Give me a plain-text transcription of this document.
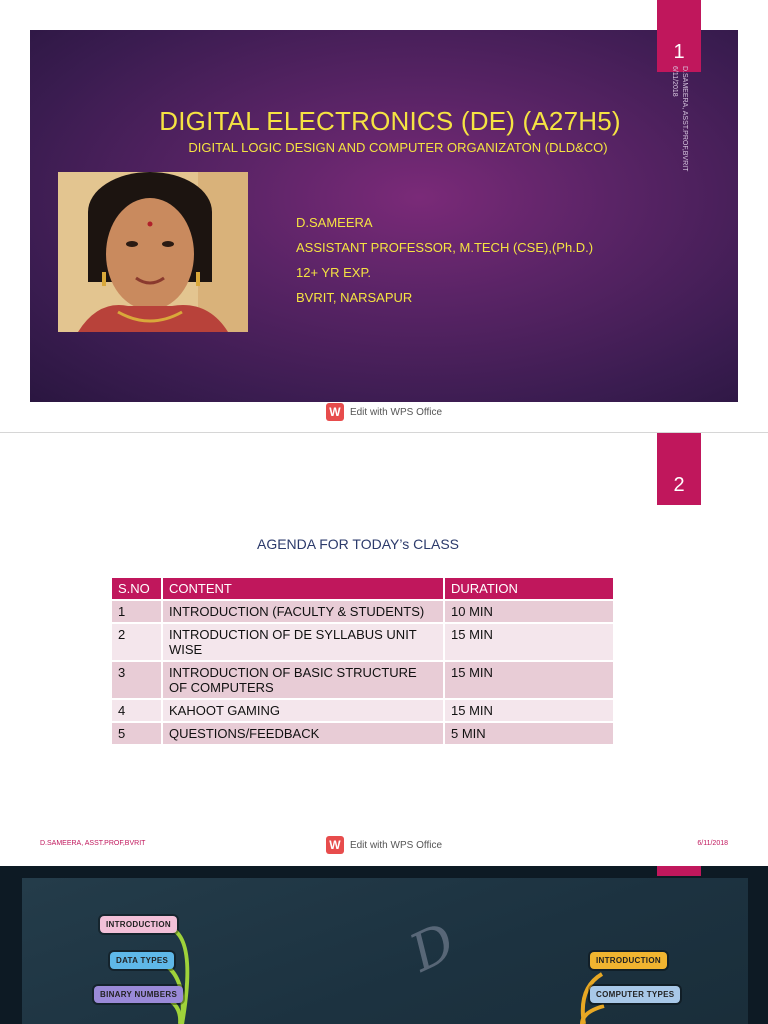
DIGITAL ELECTRONICS (DE) (A27H5)
DIGITAL LOGIC DESIGN AND COMPUTER ORGANIZATON (DLD&CO)
D.SAMEERA
ASSISTANT PROFESSOR, M.TECH (CSE),(Ph.D.)
12+ YR EXP.
BVRIT, NARSAPUR
1
6/11/2018 D.SAMEERA, ASST.PROF,BVRIT
W Edit with WPS Office
2
AGENDA FOR TODAY’s CLASS
S.NO	CONTENT	DURATION
1	INTRODUCTION (FACULTY & STUDENTS)	10 MIN
2	INTRODUCTION OF DE SYLLABUS UNIT WISE	15 MIN
3	INTRODUCTION OF BASIC STRUCTURE OF COMPUTERS	15 MIN
4	KAHOOT GAMING	15 MIN
5	QUESTIONS/FEEDBACK	5 MIN
D.SAMEERA, ASST.PROF,BVRIT	6/11/2018
W Edit with WPS Office
D
INTRODUCTION
DATA TYPES
BINARY NUMBERS
INTRODUCTION
COMPUTER TYPES
